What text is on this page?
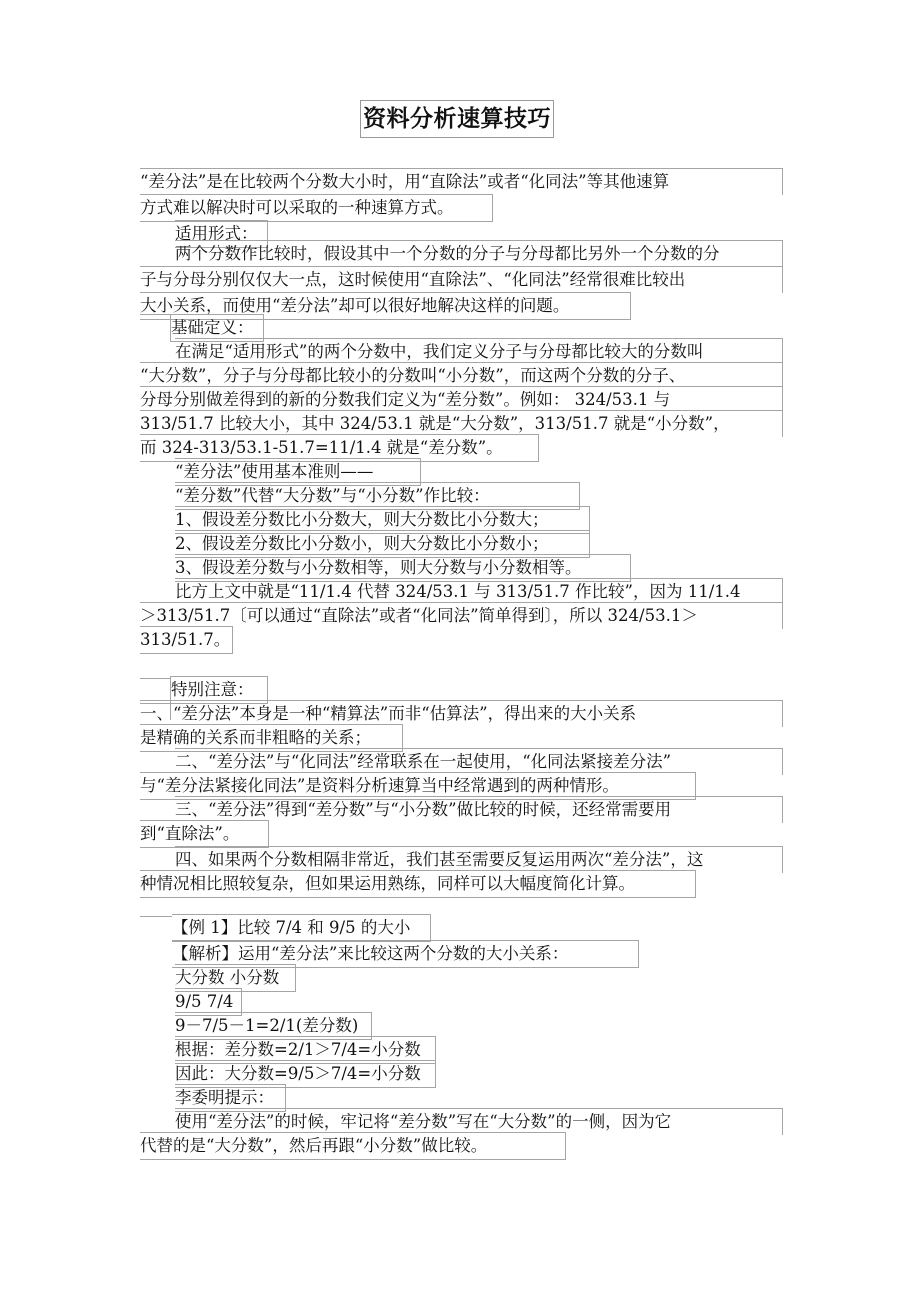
资料分析速算技巧
“差分法”是在比较两个分数大小时，用“直除法”或者“化同法”等其他速算
方式难以解决时可以采取的一种速算方式。
适用形式：
两个分数作比较时，假设其中一个分数的分子与分母都比另外一个分数的分
子与分母分别仅仅大一点，这时候使用“直除法”、“化同法”经常很难比较出
大小关系，而使用“差分法”却可以很好地解决这样的问题。
基础定义：
在满足“适用形式”的两个分数中，我们定义分子与分母都比较大的分数叫
“大分数”，分子与分母都比较小的分数叫“小分数”，而这两个分数的分子、
分母分别做差得到的新的分数我们定义为“差分数”。例如： 324/53.1 与
313/51.7 比较大小，其中 324/53.1 就是“大分数”，313/51.7 就是“小分数”，
而 324-313/53.1-51.7=11/1.4 就是“差分数”。
“差分法”使用基本准则——
“差分数”代替“大分数”与“小分数”作比较：
1、假设差分数比小分数大，则大分数比小分数大；
2、假设差分数比小分数小，则大分数比小分数小；
3、假设差分数与小分数相等，则大分数与小分数相等。
比方上文中就是“11/1.4 代替 324/53.1 与 313/51.7 作比较”，因为 11/1.4
＞313/51.7〔可以通过“直除法”或者“化同法”简单得到〕，所以 324/53.1＞
313/51.7。
特别注意：
一、“差分法”本身是一种“精算法”而非“估算法”，得出来的大小关系
是精确的关系而非粗略的关系；
二、“差分法”与“化同法”经常联系在一起使用，“化同法紧接差分法”
与“差分法紧接化同法”是资料分析速算当中经常遇到的两种情形。
三、“差分法”得到“差分数”与“小分数”做比较的时候，还经常需要用
到“直除法”。
四、如果两个分数相隔非常近，我们甚至需要反复运用两次“差分法”，这
种情况相比照较复杂，但如果运用熟练，同样可以大幅度简化计算。
【例 1】比较 7/4 和 9/5 的大小
【解析】运用“差分法”来比较这两个分数的大小关系：
大分数 小分数
9/5 7/4
9－7/5－1=2/1(差分数)
根据：差分数=2/1＞7/4=小分数
因此：大分数=9/5＞7/4=小分数
李委明提示：
使用“差分法”的时候，牢记将“差分数”写在“大分数”的一侧，因为它
代替的是“大分数”，然后再跟“小分数”做比较。
